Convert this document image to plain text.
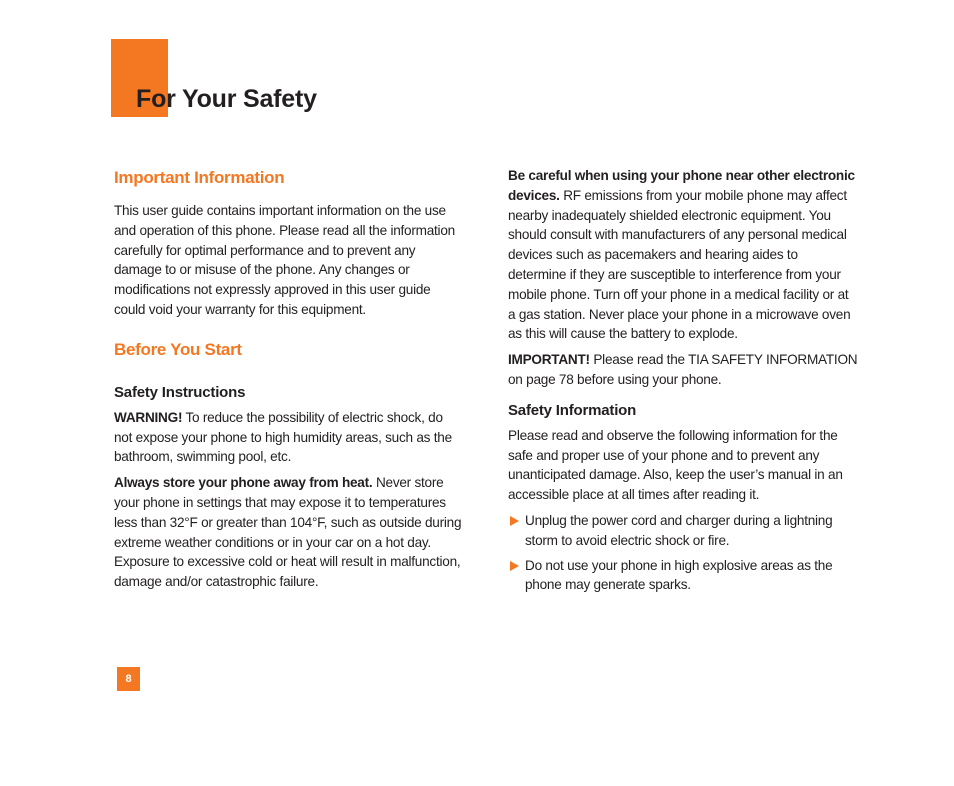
For Your Safety
Important Information

This user guide contains important information on the use and operation of this phone. Please read all the information carefully for optimal performance and to prevent any damage to or misuse of the phone. Any changes or modifications not expressly approved in this user guide could void your warranty for this equipment.

Before You Start
Safety Instructions

WARNING! To reduce the possibility of electric shock, do not expose your phone to high humidity areas, such as the bathroom, swimming pool, etc.

Always store your phone away from heat. Never store your phone in settings that may expose it to temperatures less than 32°F or greater than 104°F, such as outside during extreme weather conditions or in your car on a hot day. Exposure to excessive cold or heat will result in malfunction, damage and/or catastrophic failure.

Be careful when using your phone near other electronic devices. RF emissions from your mobile phone may affect nearby inadequately shielded electronic equipment. You should consult with manufacturers of any personal medical devices such as pacemakers and hearing aides to determine if they are susceptible to interference from your mobile phone. Turn off your phone in a medical facility or at a gas station. Never place your phone in a microwave oven as this will cause the battery to explode.

IMPORTANT! Please read the TIA SAFETY INFORMATION on page 78 before using your phone.

Safety Information

Please read and observe the following information for the safe and proper use of your phone and to prevent any unanticipated damage. Also, keep the user’s manual in an accessible place at all times after reading it.

Unplug the power cord and charger during a lightning storm to avoid electric shock or fire.
Do not use your phone in high explosive areas as the phone may generate sparks.
8
